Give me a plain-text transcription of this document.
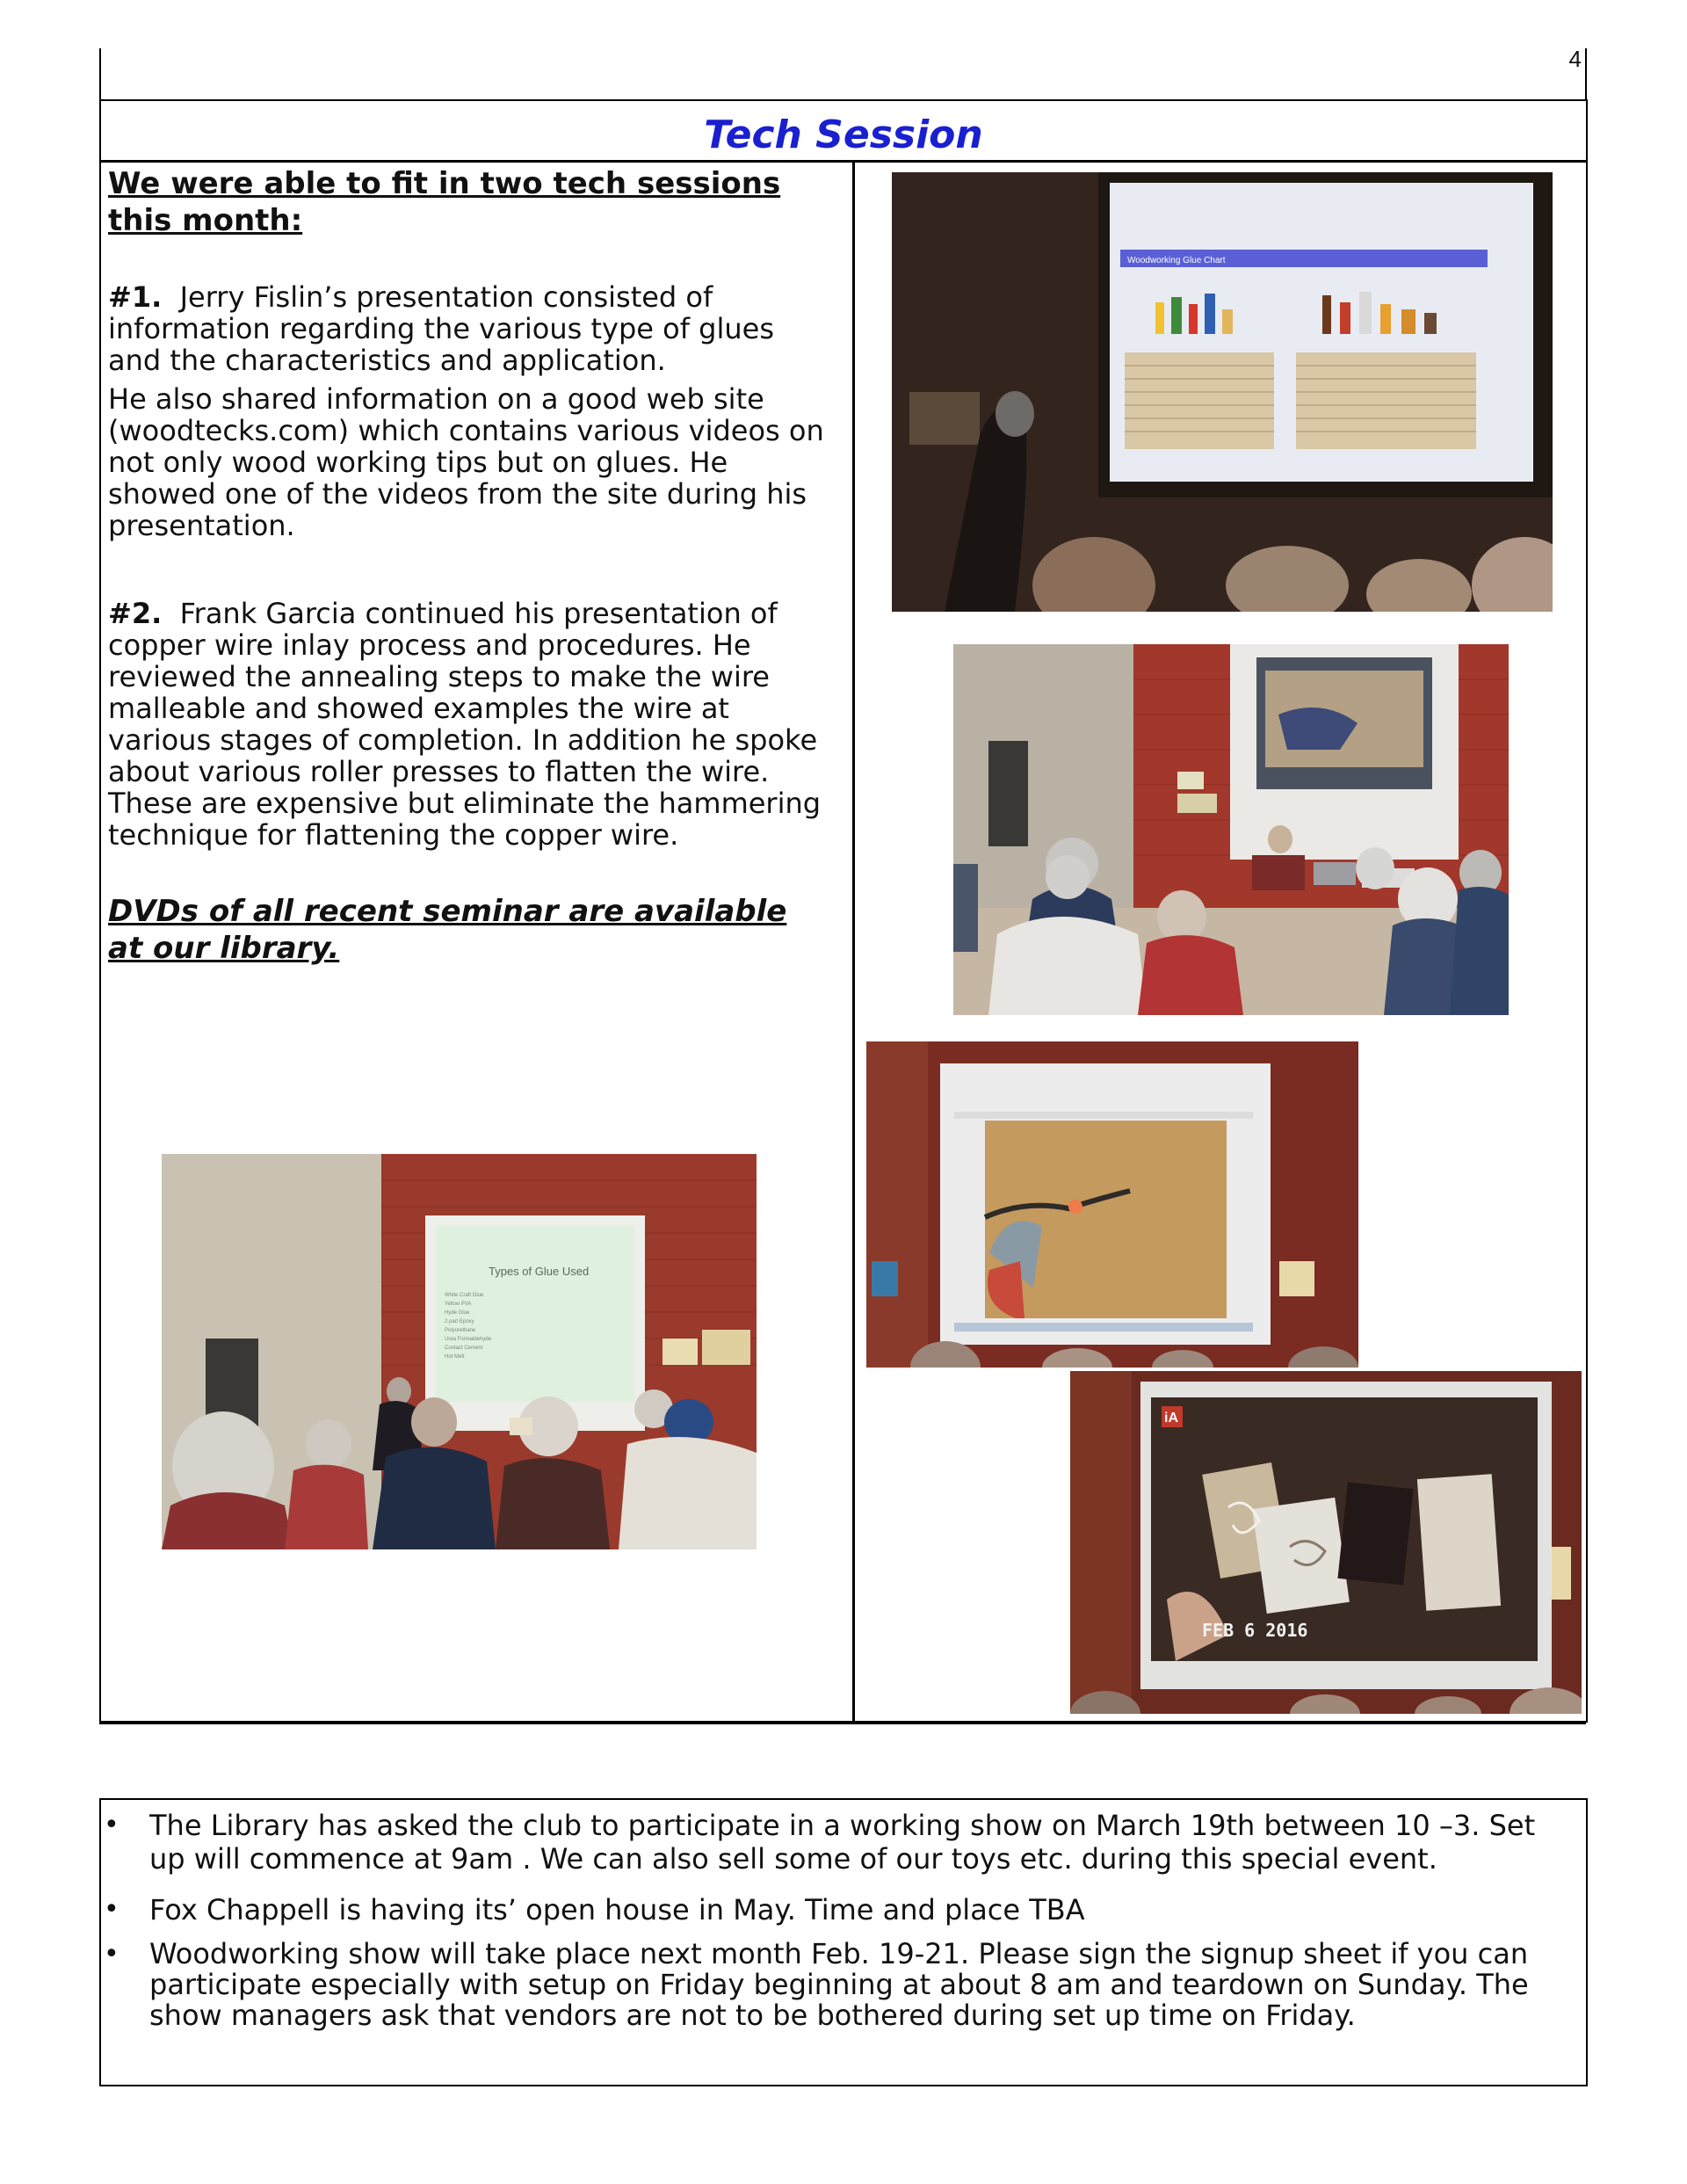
4
Tech Session

We were able to fit in two tech sessions this month:

#1. Jerry Fislin’s presentation consisted of information regarding the various type of glues and the characteristics and application.

He also shared information on a good web site (woodtecks.com) which contains various videos on not only wood working tips but on glues. He showed one of the videos from the site during his presentation.

#2. Frank Garcia continued his presentation of copper wire inlay process and procedures. He reviewed the annealing steps to make the wire malleable and showed examples the wire at various stages of completion. In addition he spoke about various roller presses to flatten the wire. These are expensive but eliminate the hammering technique for flattening the copper wire.

DVDs of all recent seminar are available at our library.

Woodworking Glue Chart
iA
FEB 6 2016
Types of Glue Used
White Craft Glue
Yellow PVA
Hyde Glue
2 part Epoxy
Polyurethane
Urea Formaldehyde
Contact Cement
Hot Melt
• The Library has asked the club to participate in a working show on March 19th between 10 –3. Set up will commence at 9am . We can also sell some of our toys etc. during this special event.
• Fox Chappell is having its’ open house in May. Time and place TBA
• Woodworking show will take place next month Feb. 19-21. Please sign the signup sheet if you can participate especially with setup on Friday beginning at about 8 am and teardown on Sunday. The show managers ask that vendors are not to be bothered during set up time on Friday.
